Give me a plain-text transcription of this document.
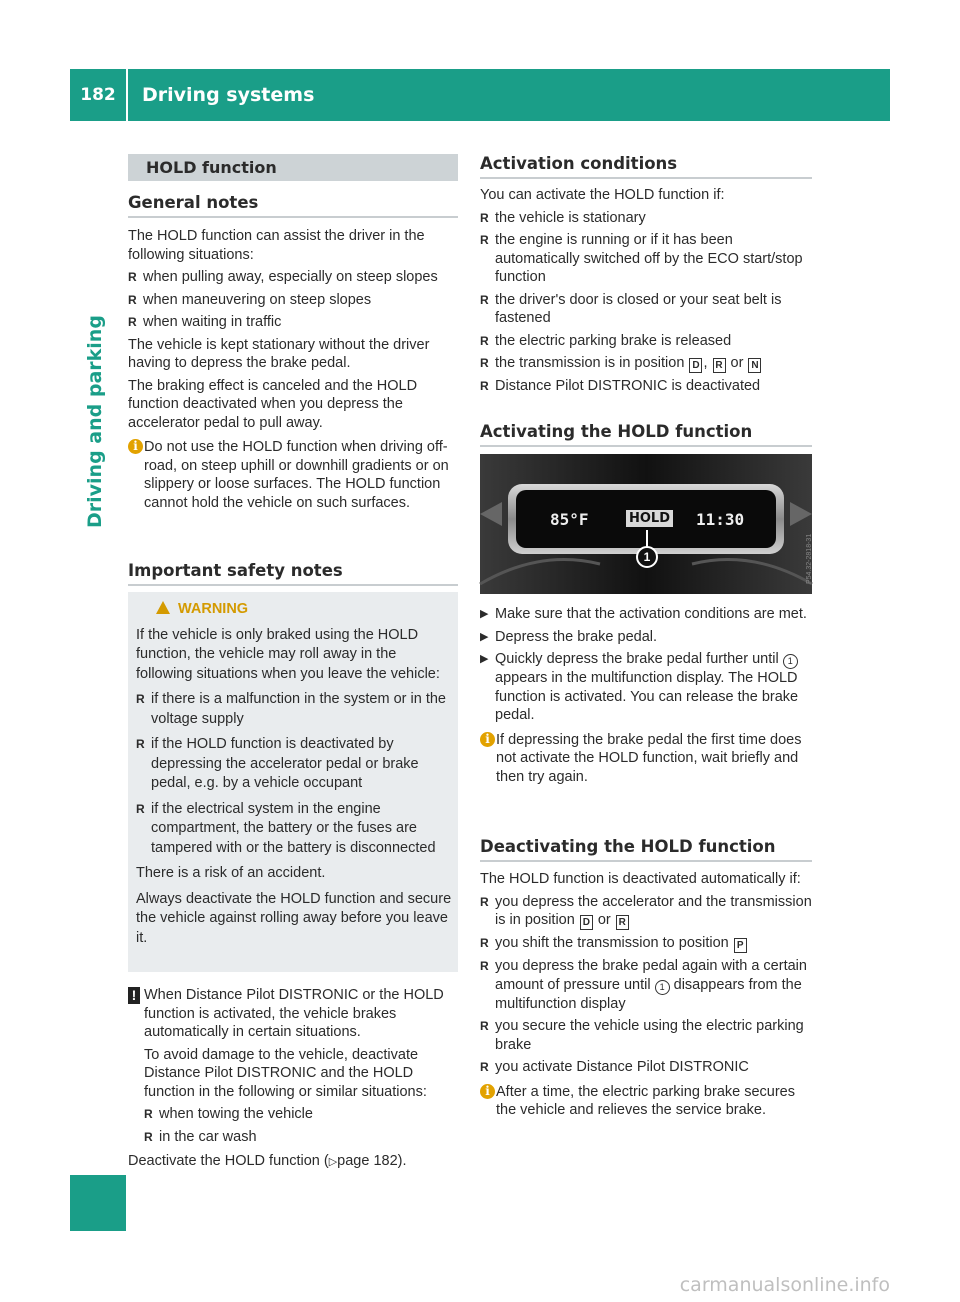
182	Driving systems
Driving and parking
HOLD function
General notes

The HOLD function can assist the driver in the following situations:

R when pulling away, especially on steep slopes
R when maneuvering on steep slopes
R when waiting in traffic

The vehicle is kept stationary without the driver having to depress the brake pedal.

The braking effect is canceled and the HOLD function deactivated when you depress the accelerator pedal to pull away.

i Do not use the HOLD function when driving off-road, on steep uphill or downhill gradients or on slippery or loose surfaces. The HOLD function cannot hold the vehicle on such surfaces.
Important safety notes
WARNING

If the vehicle is only braked using the HOLD function, the vehicle may roll away in the following situations when you leave the vehicle:

R if there is a malfunction in the system or in the voltage supply
R if the HOLD function is deactivated by depressing the accelerator pedal or brake pedal, e.g. by a vehicle occupant
R if the electrical system in the engine compartment, the battery or the fuses are tampered with or the battery is disconnected

There is a risk of an accident.

Always deactivate the HOLD function and secure the vehicle against rolling away before you leave it.

! When Distance Pilot DISTRONIC or the HOLD function is activated, the vehicle brakes automatically in certain situations.

To avoid damage to the vehicle, deactivate Distance Pilot DISTRONIC and the HOLD function in the following or similar situations:

R when towing the vehicle
R in the car wash

Deactivate the HOLD function (▷page 182).

Activation conditions

You can activate the HOLD function if:

R the vehicle is stationary
R the engine is running or if it has been automatically switched off by the ECO start/stop function
R the driver's door is closed or your seat belt is fastened
R the electric parking brake is released
R the transmission is in position D , R or N
R Distance Pilot DISTRONIC is deactivated
Activating the HOLD function
85°F	HOLD 11:30
1	P54.32-2818-31
▶ Make sure that the activation conditions are met.
▶ Depress the brake pedal.
▶ Quickly depress the brake pedal further until 1 appears in the multifunction display. The HOLD function is activated. You can release the brake pedal.
i If depressing the brake pedal the first time does not activate the HOLD function, wait briefly and then try again.
Deactivating the HOLD function

The HOLD function is deactivated automatically if:

R you depress the accelerator and the transmission is in position D or R
R you shift the transmission to position P
R you depress the brake pedal again with a certain amount of pressure until 1 disappears from the multifunction display
R you secure the vehicle using the electric parking brake
R you activate Distance Pilot DISTRONIC
i After a time, the electric parking brake secures the vehicle and relieves the service brake.
carmanualsonline.info
